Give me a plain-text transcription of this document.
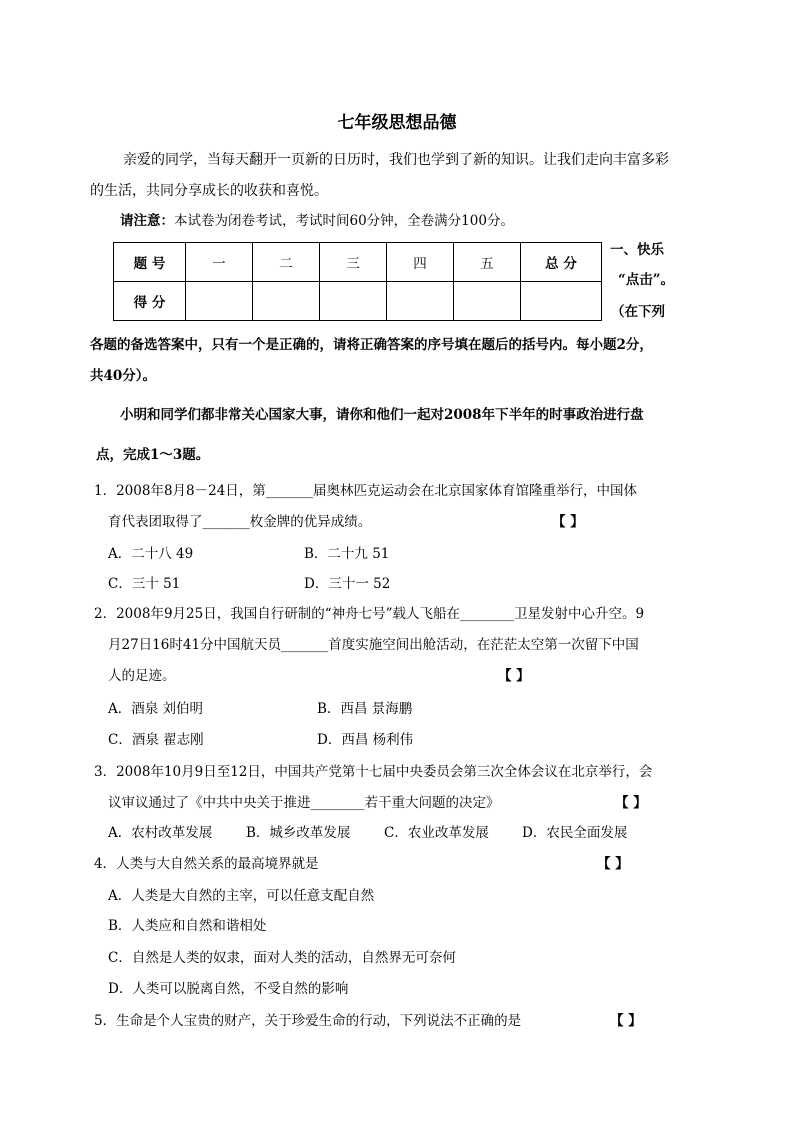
七年级思想品德
亲爱的同学，当每天翻开一页新的日历时，我们也学到了新的知识。让我们走向丰富多彩
的生活，共同分享成长的收获和喜悦。
请注意：本试卷为闭卷考试，考试时间60分钟，全卷满分100分。
题 号	一	二	三	四	五	总 分
得 分						
一、快乐
“点击”。
（在下列
各题的备选答案中，只有一个是正确的，请将正确答案的序号填在题后的括号内。每小题2分，
共40分）。
小明和同学们都非常关心国家大事，请你和他们一起对2008年下半年的时事政治进行盘
点，完成1～3题。
1．2008年8月8－24日，第_______届奥林匹克运动会在北京国家体育馆隆重举行，中国体
育代表团取得了_______枚金牌的优异成绩。	【 】
A．二十八 49	B．二十九 51
C．三十 51	D．三十一 52
2．2008年9月25日，我国自行研制的“神舟七号”载人飞船在________卫星发射中心升空。9
月27日16时41分中国航天员_______首度实施空间出舱活动，在茫茫太空第一次留下中国
人的足迹。	【 】
A．酒泉 刘伯明	B．西昌 景海鹏
C．酒泉 翟志刚	D．西昌 杨利伟
3．2008年10月9日至12日，中国共产党第十七届中央委员会第三次全体会议在北京举行，会
议审议通过了《中共中央关于推进________若干重大问题的决定》	【 】
A．农村改革发展	B．城乡改革发展 C．农业改革发展 D．农民全面发展
4．人类与大自然关系的最高境界就是	【 】
A．人类是大自然的主宰，可以任意支配自然
B．人类应和自然和谐相处
C．自然是人类的奴隶，面对人类的活动，自然界无可奈何
D．人类可以脱离自然，不受自然的影响
5．生命是个人宝贵的财产，关于珍爱生命的行动，下列说法不正确的是	【 】
